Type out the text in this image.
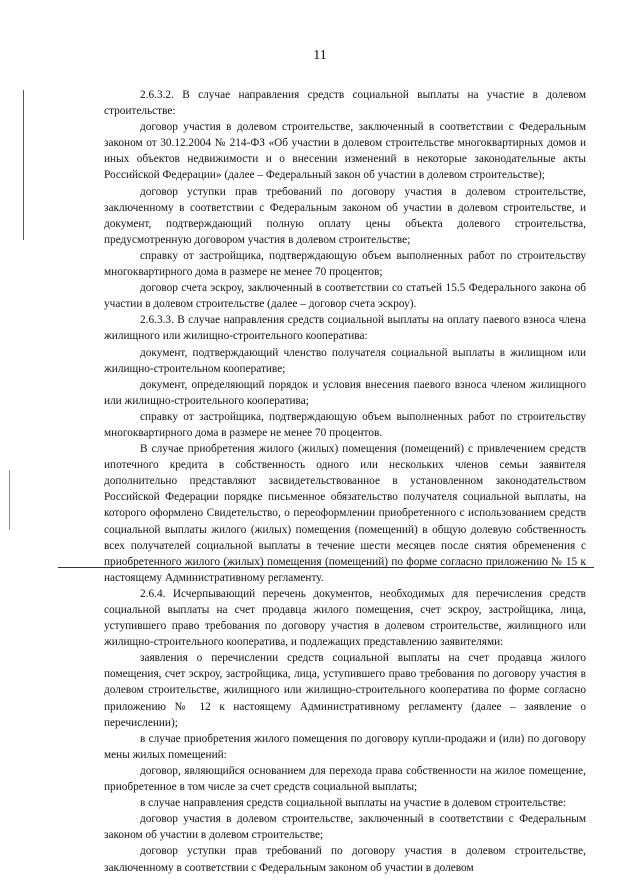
11

2.6.3.2. В случае направления средств социальной выплаты на участие в долевом строительстве:

договор участия в долевом строительстве, заключенный в соответствии с Федеральным законом от 30.12.2004 № 214-ФЗ «Об участии в долевом строительстве многоквартирных домов и иных объектов недвижимости и о внесении изменений в некоторые законодательные акты Российской Федерации» (далее – Федеральный закон об участии в долевом строительстве);

договор уступки прав требований по договору участия в долевом строительстве, заключенному в соответствии с Федеральным законом об участии в долевом строительстве, и документ, подтверждающий полную оплату цены объекта долевого строительства, предусмотренную договором участия в долевом строительстве;

справку от застройщика, подтверждающую объем выполненных работ по строительству многоквартирного дома в размере не менее 70 процентов;

договор счета эскроу, заключенный в соответствии со статьей 15.5 Федерального закона об участии в долевом строительстве (далее – договор счета эскроу).

2.6.3.3. В случае направления средств социальной выплаты на оплату паевого взноса члена жилищного или жилищно-строительного кооператива:

документ, подтверждающий членство получателя социальной выплаты в жилищном или жилищно-строительном кооперативе;

документ, определяющий порядок и условия внесения паевого взноса членом жилищного или жилищно-строительного кооператива;

справку от застройщика, подтверждающую объем выполненных работ по строительству многоквартирного дома в размере не менее 70 процентов.

В случае приобретения жилого (жилых) помещения (помещений) с привлечением средств ипотечного кредита в собственность одного или нескольких членов семьи заявителя дополнительно представляют засвидетельствованное в установленном законодательством Российской Федерации порядке письменное обязательство получателя социальной выплаты, на которого оформлено Свидетельство, о переоформлении приобретенного с использованием средств социальной выплаты жилого (жилых) помещения (помещений) в общую долевую собственность всех получателей социальной выплаты в течение шести месяцев после снятия обременения с приобретенного жилого (жилых) помещения (помещений) по форме согласно приложению № 15 к настоящему Административному регламенту.

2.6.4. Исчерпывающий перечень документов, необходимых для перечисления средств социальной выплаты на счет продавца жилого помещения, счет эскроу, застройщика, лица, уступившего право требования по договору участия в долевом строительстве, жилищного или жилищно-строительного кооператива, и подлежащих представлению заявителями:

заявления о перечислении средств социальной выплаты на счет продавца жилого помещения, счет эскроу, застройщика, лица, уступившего право требования по договору участия в долевом строительстве, жилищного или жилищно-строительного кооператива по форме согласно приложению № 12 к настоящему Административному регламенту (далее – заявление о перечислении);

в случае приобретения жилого помещения по договору купли-продажи и (или) по договору мены жилых помещений:

договор, являющийся основанием для перехода права собственности на жилое помещение, приобретенное в том числе за счет средств социальной выплаты;

в случае направления средств социальной выплаты на участие в долевом строительстве:

договор участия в долевом строительстве, заключенный в соответствии с Федеральным законом об участии в долевом строительстве;

договор уступки прав требований по договору участия в долевом строительстве, заключенному в соответствии с Федеральным законом об участии в долевом
